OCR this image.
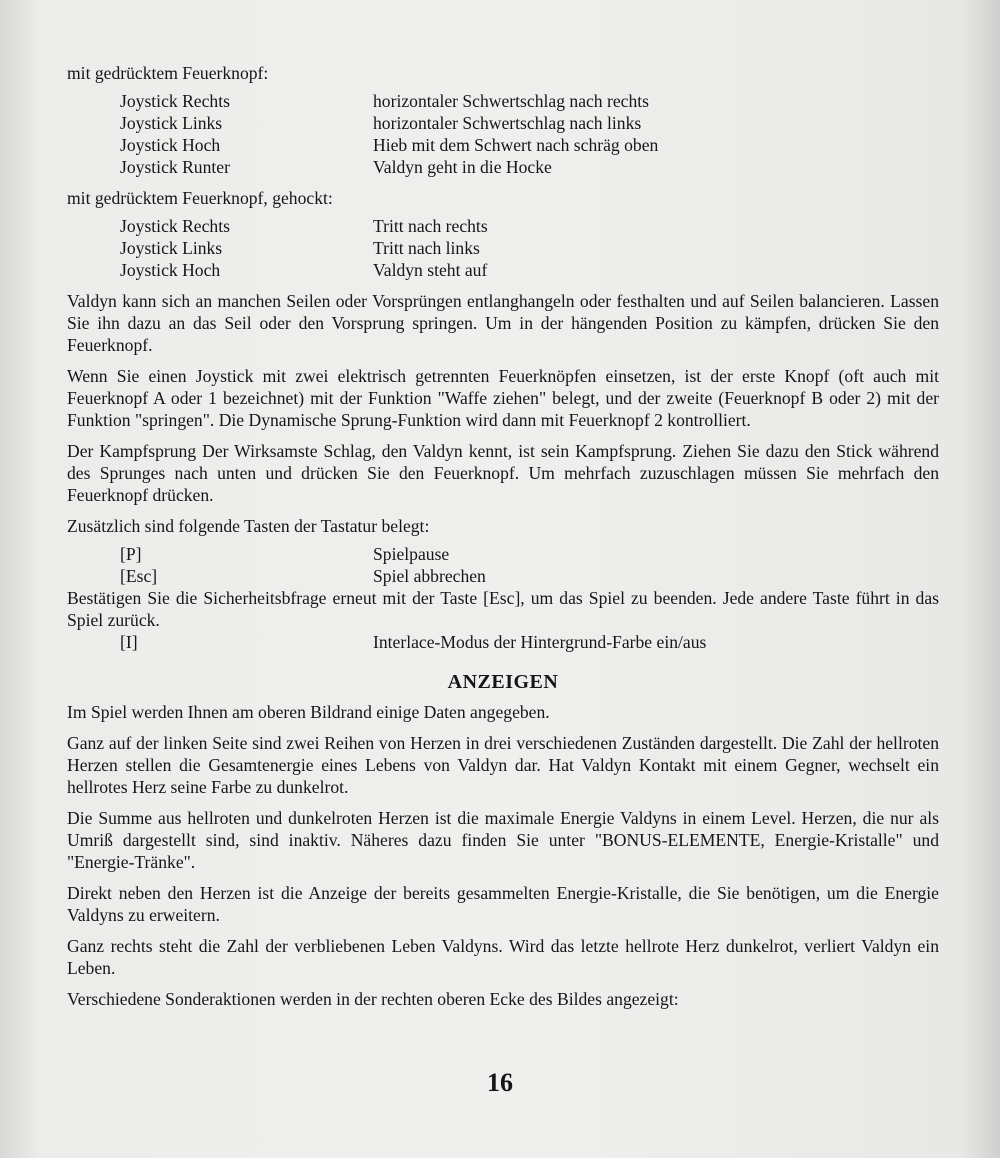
mit gedrücktem Feuerknopf:

Joystick Rechts	horizontaler Schwertschlag nach rechts
Joystick Links	horizontaler Schwertschlag nach links
Joystick Hoch	Hieb mit dem Schwert nach schräg oben
Joystick Runter	Valdyn geht in die Hocke

mit gedrücktem Feuerknopf, gehockt:

Joystick Rechts	Tritt nach rechts
Joystick Links	Tritt nach links
Joystick Hoch	Valdyn steht auf

Valdyn kann sich an manchen Seilen oder Vorsprüngen entlanghangeln oder festhalten und auf Seilen balancieren. Lassen Sie ihn dazu an das Seil oder den Vorsprung springen. Um in der hängenden Position zu kämpfen, drücken Sie den Feuerknopf.

Wenn Sie einen Joystick mit zwei elektrisch getrennten Feuerknöpfen einsetzen, ist der erste Knopf (oft auch mit Feuerknopf A oder 1 bezeichnet) mit der Funktion "Waffe ziehen" belegt, und der zweite (Feuerknopf B oder 2) mit der Funktion "springen". Die Dynamische Sprung-Funktion wird dann mit Feuerknopf 2 kontrolliert.

Der Kampfsprung Der Wirksamste Schlag, den Valdyn kennt, ist sein Kampfsprung. Ziehen Sie dazu den Stick während des Sprunges nach unten und drücken Sie den Feuerknopf. Um mehrfach zuzuschlagen müssen Sie mehrfach den Feuerknopf drücken.

Zusätzlich sind folgende Tasten der Tastatur belegt:

[P]	Spielpause
[Esc]	Spiel abbrechen

Bestätigen Sie die Sicherheitsbfrage erneut mit der Taste [Esc], um das Spiel zu beenden. Jede andere Taste führt in das Spiel zurück.

[I]	Interlace-Modus der Hintergrund-Farbe ein/aus
ANZEIGEN

Im Spiel werden Ihnen am oberen Bildrand einige Daten angegeben.

Ganz auf der linken Seite sind zwei Reihen von Herzen in drei verschiedenen Zuständen dargestellt. Die Zahl der hellroten Herzen stellen die Gesamtenergie eines Lebens von Valdyn dar. Hat Valdyn Kontakt mit einem Gegner, wechselt ein hellrotes Herz seine Farbe zu dunkelrot.

Die Summe aus hellroten und dunkelroten Herzen ist die maximale Energie Valdyns in einem Level. Herzen, die nur als Umriß dargestellt sind, sind inaktiv. Näheres dazu finden Sie unter "BONUS-ELEMENTE, Energie-Kristalle" und "Energie-Tränke".

Direkt neben den Herzen ist die Anzeige der bereits gesammelten Energie-Kristalle, die Sie benötigen, um die Energie Valdyns zu erweitern.

Ganz rechts steht die Zahl der verbliebenen Leben Valdyns. Wird das letzte hellrote Herz dunkelrot, verliert Valdyn ein Leben.

Verschiedene Sonderaktionen werden in der rechten oberen Ecke des Bildes angezeigt:

16
